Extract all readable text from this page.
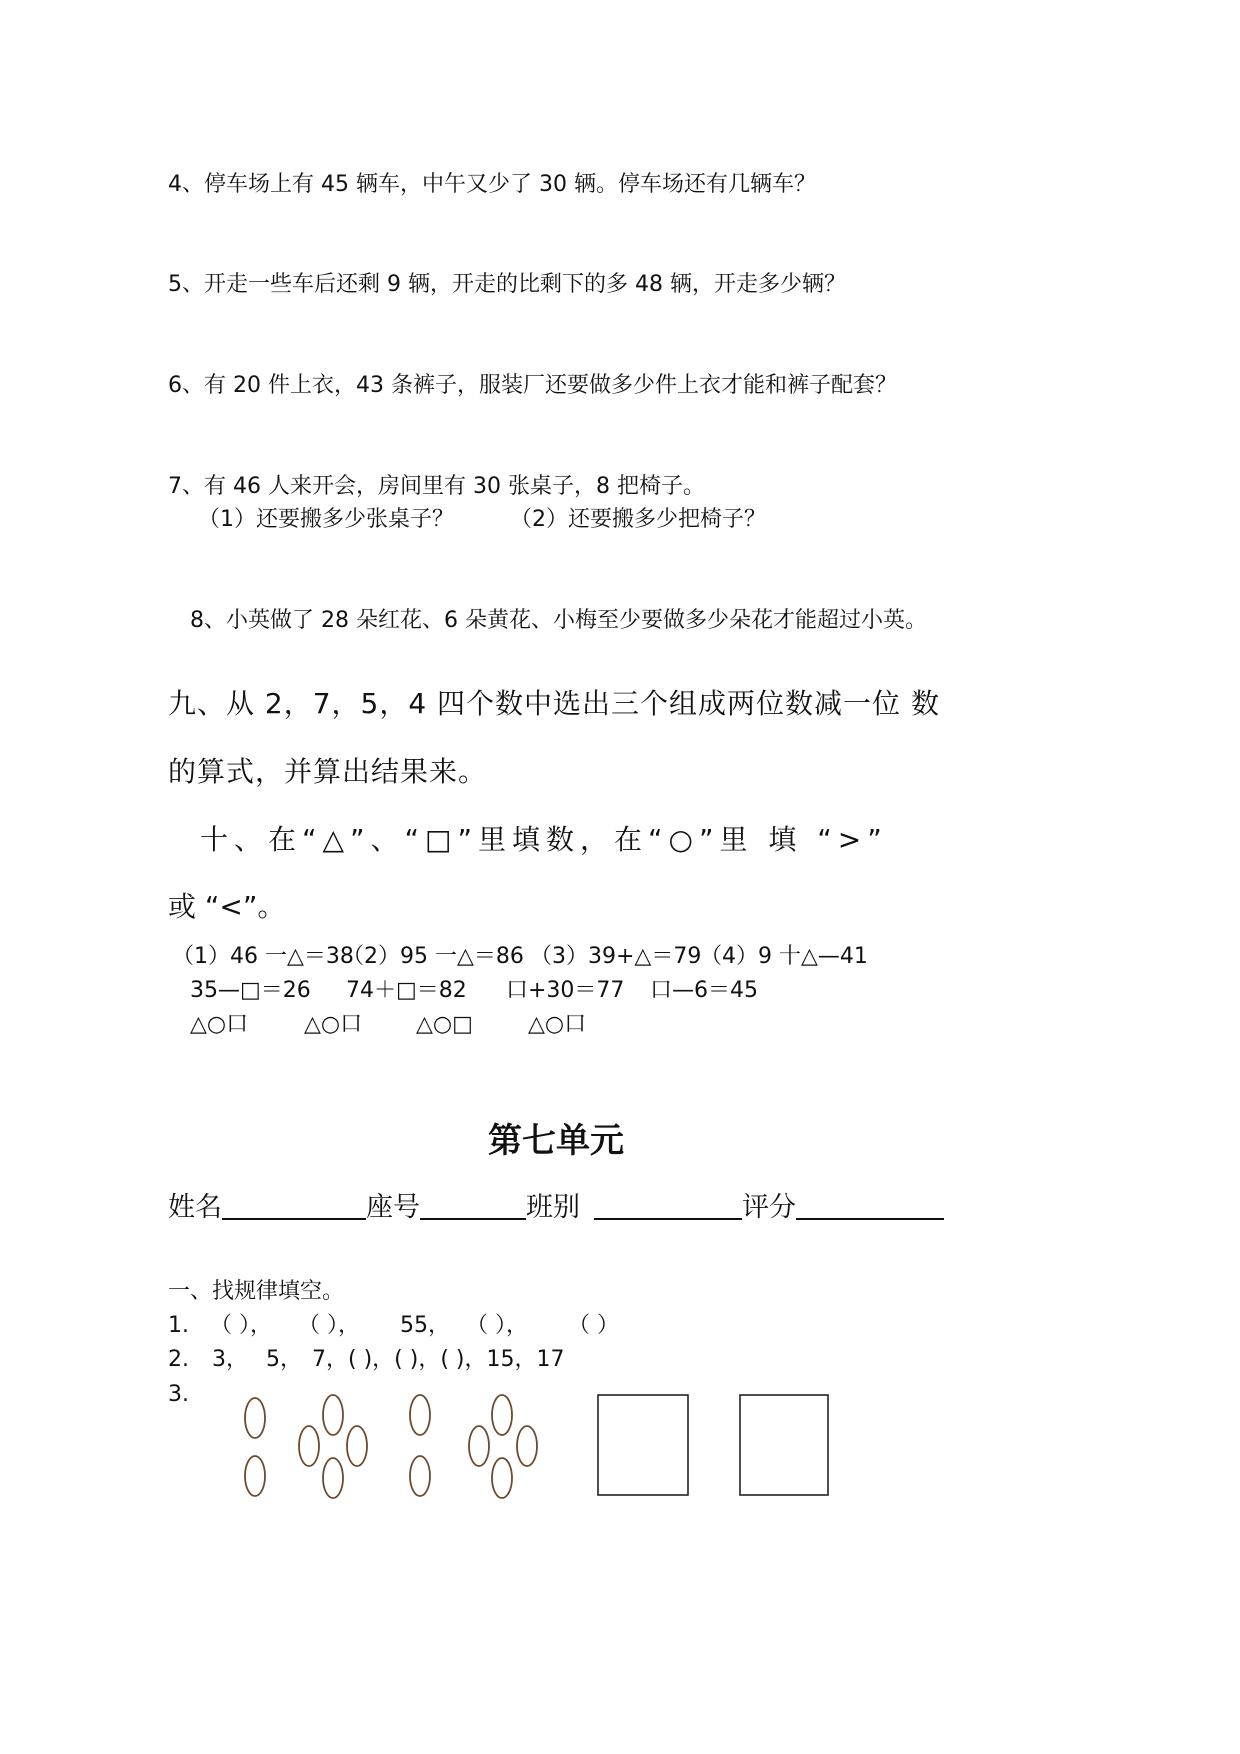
4、停车场上有 45 辆车，中午又少了 30 辆。停车场还有几辆车？
5、开走一些车后还剩 9 辆，开走的比剩下的多 48 辆，开走多少辆？
6、有 20 件上衣，43 条裤子，服装厂还要做多少件上衣才能和裤子配套？
7、有 46 人来开会，房间里有 30 张桌子，8 把椅子。
（1）还要搬多少张桌子？	（2）还要搬多少把椅子？
8、小英做了 28 朵红花、6 朵黄花、小梅至少要做多少朵花才能超过小英。
九、从 2，7，5，4 四个数中选出三个组成两位数减一位 数
的算式，并算出结果来。
十、在“△”、“□”里填数，在“○”里 填 “>”
或 “<”。
（1）46 一△＝38
（2）95 一△＝86 （3）39+△＝79
（4）9 十△—41
35—□＝26 74＋□＝82 口+30＝77 口—6＝45
△○口	△○口 △○□	△○口
第七单元
姓名	座号	班别	评分
一、找规律填空。
1. （ ）， （ ）， 55， （ ）， （ ）
2. 3， 5， 7，( )，( )，( )，15，17
3.
